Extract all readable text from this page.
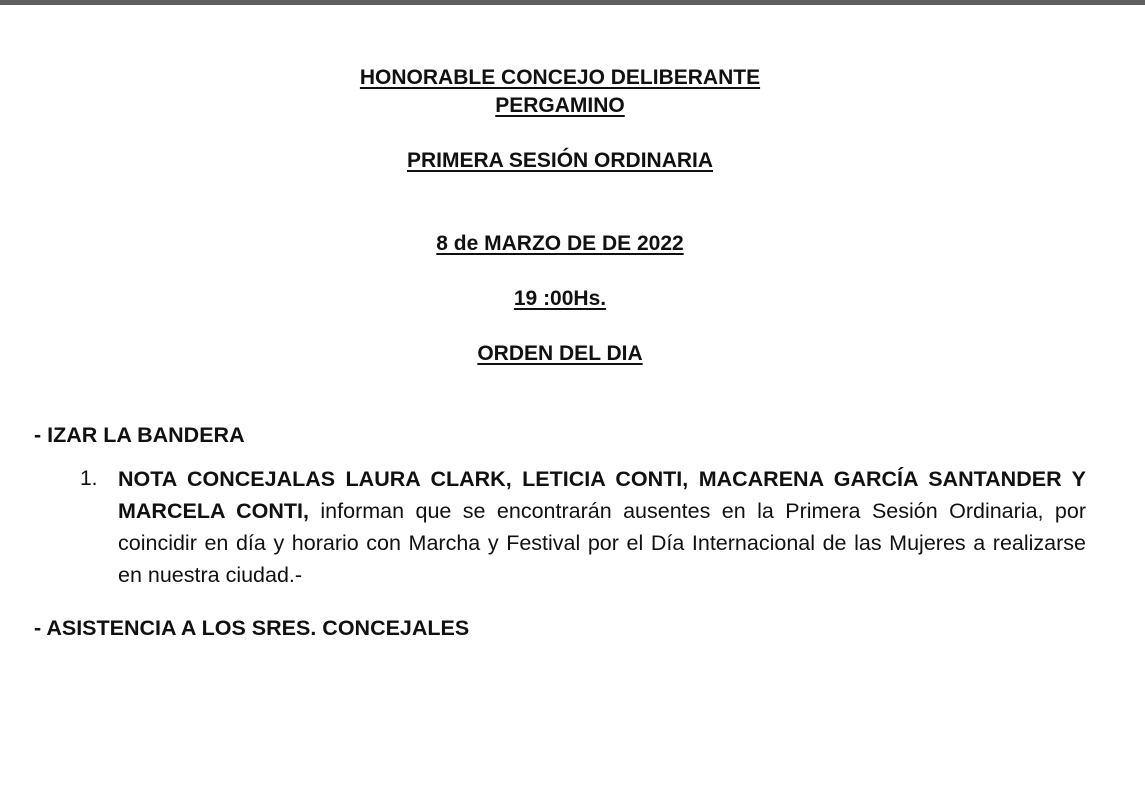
HONORABLE CONCEJO DELIBERANTE
PERGAMINO
PRIMERA SESIÓN ORDINARIA
8 de MARZO DE DE 2022
19 :00Hs.
ORDEN DEL DIA
- IZAR LA BANDERA
1. NOTA CONCEJALAS LAURA CLARK, LETICIA CONTI, MACARENA GARCÍA SANTANDER Y MARCELA CONTI, informan que se encontrarán ausentes en la Primera Sesión Ordinaria, por coincidir en día y horario con Marcha y Festival por el Día Internacional de las Mujeres a realizarse en nuestra ciudad.-
- ASISTENCIA A LOS SRES. CONCEJALES
